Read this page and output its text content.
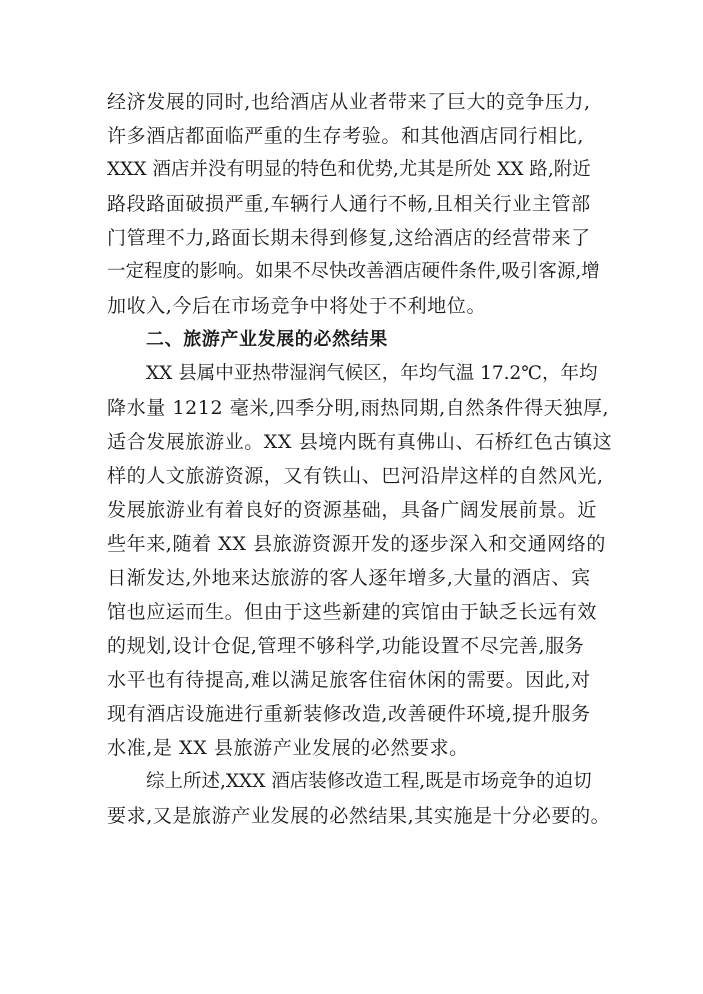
经济发展的同时,也给酒店从业者带来了巨大的竞争压力,
许多酒店都面临严重的生存考验。和其他酒店同行相比,
XXX 酒店并没有明显的特色和优势,尤其是所处 XX 路,附近
路段路面破损严重,车辆行人通行不畅,且相关行业主管部
门管理不力,路面长期未得到修复,这给酒店的经营带来了
一定程度的影响。如果不尽快改善酒店硬件条件,吸引客源,增
加收入,今后在市场竞争中将处于不利地位。
二、旅游产业发展的必然结果
XX 县属中亚热带湿润气候区，年均气温 17.2℃，年均
降水量 1212 毫米,四季分明,雨热同期,自然条件得天独厚,
适合发展旅游业。XX 县境内既有真佛山、石桥红色古镇这
样的人文旅游资源，又有铁山、巴河沿岸这样的自然风光,
发展旅游业有着良好的资源基础，具备广阔发展前景。近
些年来,随着 XX 县旅游资源开发的逐步深入和交通网络的
日渐发达,外地来达旅游的客人逐年增多,大量的酒店、宾
馆也应运而生。但由于这些新建的宾馆由于缺乏长远有效
的规划,设计仓促,管理不够科学,功能设置不尽完善,服务
水平也有待提高,难以满足旅客住宿休闲的需要。因此,对
现有酒店设施进行重新装修改造,改善硬件环境,提升服务
水准,是 XX 县旅游产业发展的必然要求。
综上所述,XXX 酒店装修改造工程,既是市场竞争的迫切
要求,又是旅游产业发展的必然结果,其实施是十分必要的。
